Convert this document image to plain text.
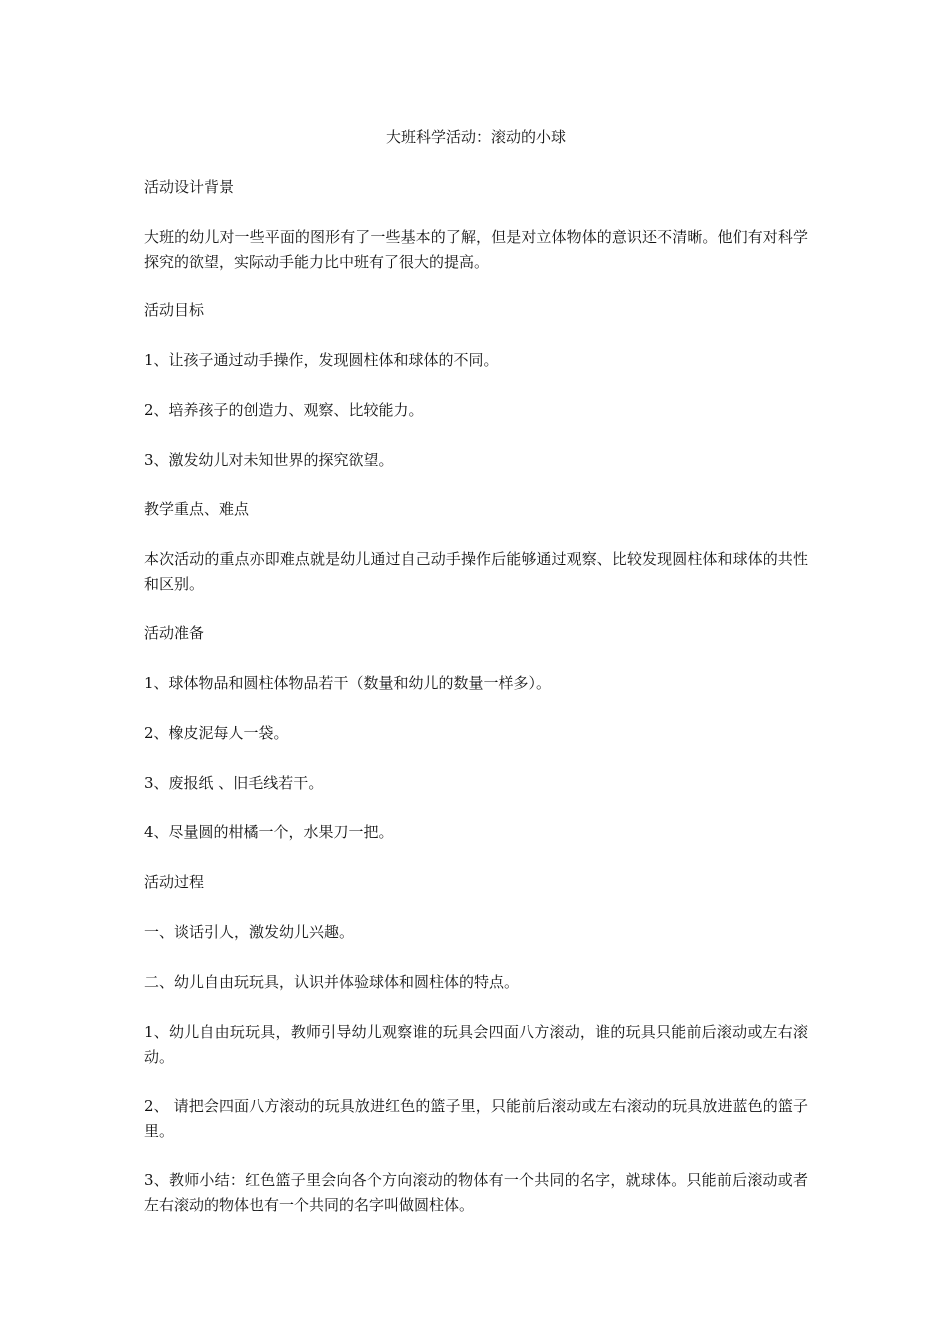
大班科学活动：滚动的小球

活动设计背景

大班的幼儿对一些平面的图形有了一些基本的了解，但是对立体物体的意识还不清晰。他们有对科学探究的欲望，实际动手能力比中班有了很大的提高。

活动目标

1、让孩子通过动手操作，发现圆柱体和球体的不同。

2、培养孩子的创造力、观察、比较能力。

3、激发幼儿对未知世界的探究欲望。

教学重点、难点

本次活动的重点亦即难点就是幼儿通过自己动手操作后能够通过观察、比较发现圆柱体和球体的共性和区别。

活动准备

1、球体物品和圆柱体物品若干（数量和幼儿的数量一样多）。

2、橡皮泥每人一袋。

3、废报纸 、旧毛线若干。

4、尽量圆的柑橘一个，水果刀一把。

活动过程

一、谈话引人，激发幼儿兴趣。

二、幼儿自由玩玩具，认识并体验球体和圆柱体的特点。

1、幼儿自由玩玩具，教师引导幼儿观察谁的玩具会四面八方滚动，谁的玩具只能前后滚动或左右滚动。

2、 请把会四面八方滚动的玩具放进红色的篮子里，只能前后滚动或左右滚动的玩具放进蓝色的篮子里。

3、教师小结：红色篮子里会向各个方向滚动的物体有一个共同的名字，就球体。只能前后滚动或者左右滚动的物体也有一个共同的名字叫做圆柱体。
